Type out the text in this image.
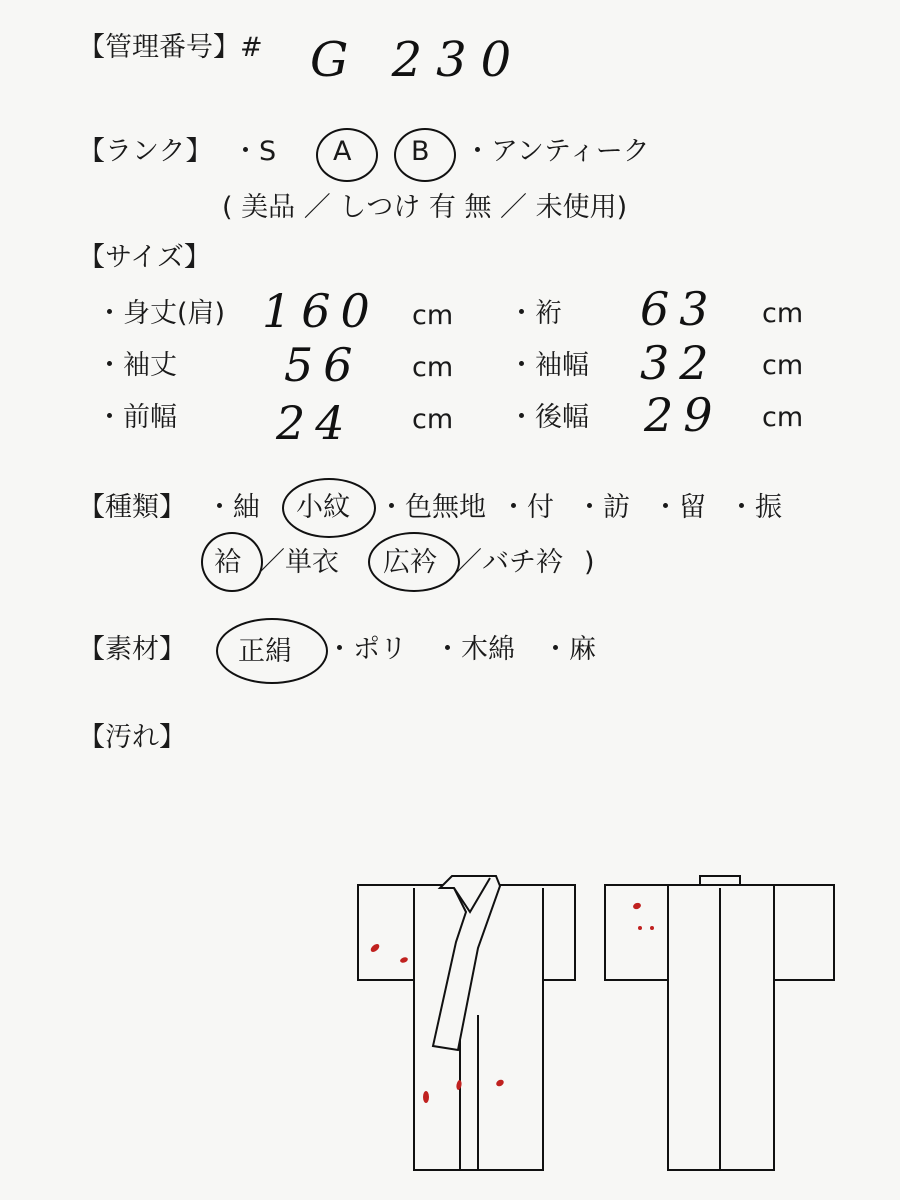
【管理番号】# G 230
【ランク】 ・S A B ・アンティーク
( 美品 ／ しつけ 有 無 ／ 未使用)
【サイズ】
・身丈(肩) 160 cm ・裄 63 cm
・袖丈 56 cm ・袖幅 32 cm
・前幅 24 cm ・後幅 29 cm
【種類】 ・紬 小紋 ・色無地 ・付 ・訪 ・留 ・振
袷 ／単衣 広衿 ／バチ衿 )
【素材】 正絹 ・ポリ ・木綿 ・麻
【汚れ】
